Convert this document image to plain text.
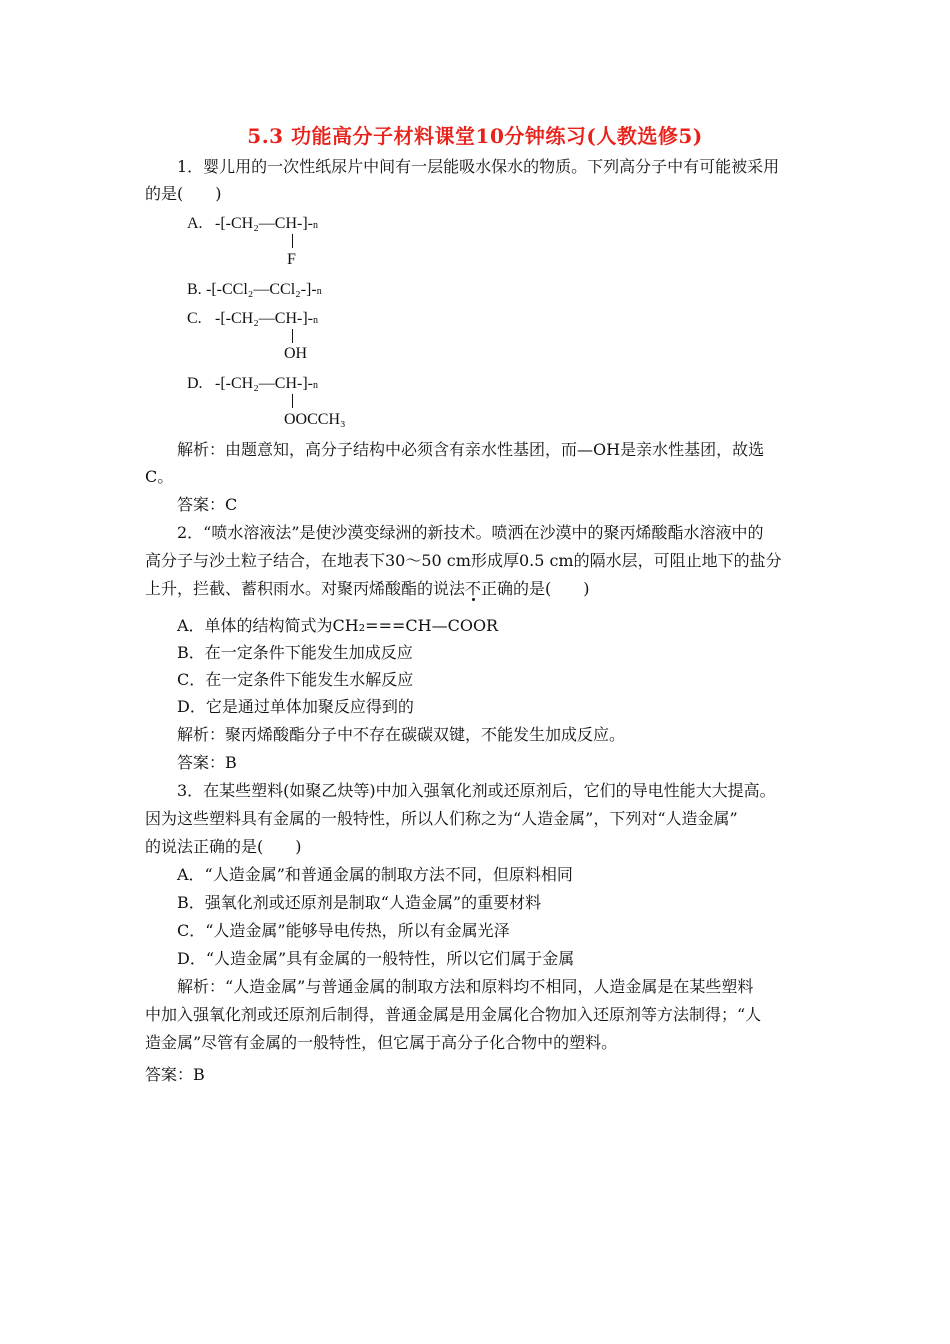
5.3 功能高分子材料课堂10分钟练习(人教选修5)
1．婴儿用的一次性纸尿片中间有一层能吸水保水的物质。下列高分子中有可能被采用
的是(　　)
A. -[-CH₂—CH-]-n
F
B. -[-CCl₂—CCl₂-]-n
C. -[-CH₂—CH-]-n
OH
D. -[-CH₂—CH-]-n
OOCCH₃
解析：由题意知，高分子结构中必须含有亲水性基团，而—OH是亲水性基团，故选
C。
答案：C
2．“喷水溶液法”是使沙漠变绿洲的新技术。喷洒在沙漠中的聚丙烯酸酯水溶液中的
高分子与沙土粒子结合，在地表下30～50 cm形成厚0.5 cm的隔水层，可阻止地下的盐分
上升，拦截、蓄积雨水。对聚丙烯酸酯的说法不正确的是(　　)
A．单体的结构简式为CH₂===CH—COOR
B．在一定条件下能发生加成反应
C．在一定条件下能发生水解反应
D．它是通过单体加聚反应得到的
解析：聚丙烯酸酯分子中不存在碳碳双键，不能发生加成反应。
答案：B
3．在某些塑料(如聚乙炔等)中加入强氧化剂或还原剂后，它们的导电性能大大提高。
因为这些塑料具有金属的一般特性，所以人们称之为“人造金属”，下列对“人造金属”
的说法正确的是(　　)
A．“人造金属”和普通金属的制取方法不同，但原料相同
B．强氧化剂或还原剂是制取“人造金属”的重要材料
C．“人造金属”能够导电传热，所以有金属光泽
D．“人造金属”具有金属的一般特性，所以它们属于金属
解析：“人造金属”与普通金属的制取方法和原料均不相同，人造金属是在某些塑料
中加入强氧化剂或还原剂后制得，普通金属是用金属化合物加入还原剂等方法制得；“人
造金属”尽管有金属的一般特性，但它属于高分子化合物中的塑料。
答案：B
